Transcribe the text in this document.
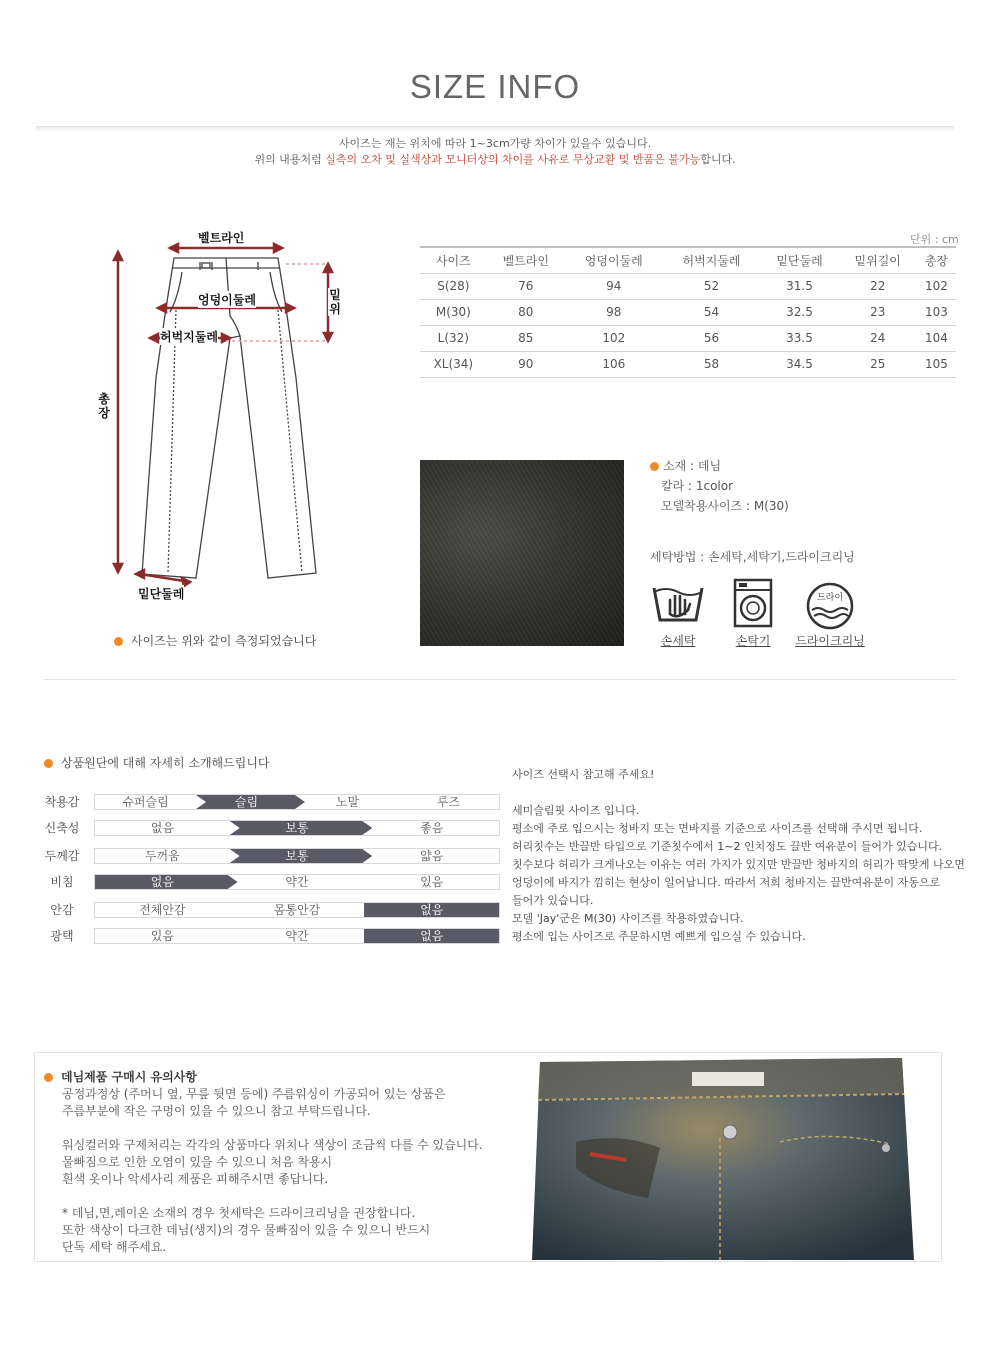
SIZE INFO
사이즈는 재는 위치에 따라 1~3cm가량 차이가 있을수 있습니다.
위의 내용처럼 실측의 오차 및 실색상과 모니터상의 차이를 사유로 무상교환 및 반품은 불가능합니다.
벨트라인
엉덩이둘레
허벅지둘레
밑위
총장
밑단둘레
사이즈는 위와 같이 측정되었습니다
단위 : cm
사이즈	벨트라인	엉덩이둘레	허벅지둘레	밑단둘레	밑위길이	총장
S(28)	76	94	52	31.5	22	102
M(30)	80	98	54	32.5	23	103
L(32)	85	102	56	33.5	24	104
XL(34)	90	106	58	34.5	25	105
소재 : 데님
칼라 : 1color
모델착용사이즈 : M(30)
세탁방법 : 손세탁,세탁기,드라이크리닝
손세탁	손탁기
드라이
드라이크리닝
상품원단에 대해 자세히 소개해드립니다
착용감	슈퍼슬림	슬림	노말	루즈
신축성	없음	보통	좋음
두께감	두꺼움	보통	얇음
비침	없음	약간	있음
안감	전체안감	몸통안감	없음
광택	있음	약간	없음
사이즈 선택시 참고해 주세요!
세미슬림핏 사이즈 입니다.
평소에 주로 입으시는 청바지 또는 면바지를 기준으로 사이즈를 선택해 주시면 됩니다.
허리칫수는 반끌반 타입으로 기준칫수에서 1~2 인치정도 끌반 여유분이 들어가 있습니다.
칫수보다 허리가 크게나오는 이유는 여러 가지가 있지만 반끌반 청바지의 허리가 딱맞게 나오면
엉덩이에 바지가 낌히는 현상이 일어납니다. 따라서 저희 청바지는 끌반여유분이 자동으로
들어가 있습니다.
모델 'Jay'군은 M(30) 사이즈를 착용하였습니다.
평소에 입는 사이즈로 주문하시면 예쁘게 입으실 수 있습니다.
데님제품 구매시 유의사항
공정과정상 (주머니 옆, 무릎 뒷면 등에) 주름워싱이 가공되어 있는 상품은
주름부분에 작은 구멍이 있을 수 있으니 참고 부탁드립니다.
워싱컬러와 구제처리는 각각의 상품마다 위치나 색상이 조금씩 다를 수 있습니다.
물빠짐으로 인한 오염이 있을 수 있으니 처음 착용시
흰색 옷이나 악세사리 제품은 피해주시면 좋답니다.
* 데님,면,레이온 소재의 경우 첫세탁은 드라이크리닝을 권장합니다.
또한 색상이 다크한 데님(생지)의 경우 물빠짐이 있을 수 있으니 반드시
단독 세탁 해주세요.
